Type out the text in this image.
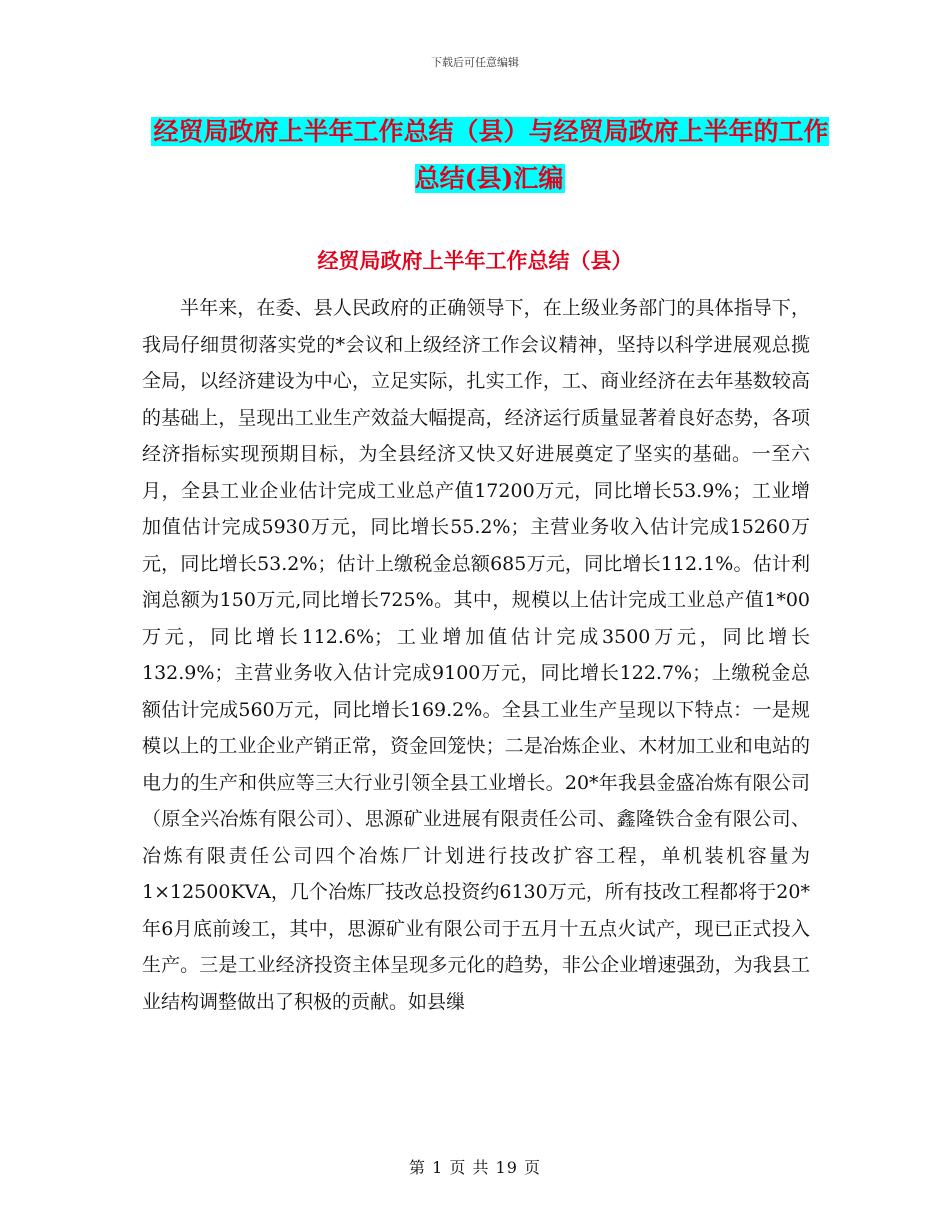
下载后可任意编辑
经贸局政府上半年工作总结（县）与经贸局政府上半年的工作总结(县)汇编
经贸局政府上半年工作总结（县）

半年来，在委、县人民政府的正确领导下，在上级业务部门的具体指导下，我局仔细贯彻落实党的*会议和上级经济工作会议精神，坚持以科学进展观总揽全局，以经济建设为中心，立足实际，扎实工作，工、商业经济在去年基数较高的基础上，呈现出工业生产效益大幅提高，经济运行质量显著着良好态势，各项经济指标实现预期目标，为全县经济又快又好进展奠定了坚实的基础。一至六月，全县工业企业估计完成工业总产值17200万元，同比增长53.9%；工业增加值估计完成5930万元，同比增长55.2%；主营业务收入估计完成15260万元，同比增长53.2%；估计上缴税金总额685万元，同比增长112.1%。估计利润总额为150万元,同比增长725%。其中，规模以上估计完成工业总产值1*00万元，同比增长112.6%；工业增加值估计完成3500万元，同比增长132.9%；主营业务收入估计完成9100万元，同比增长122.7%；上缴税金总额估计完成560万元，同比增长169.2%。全县工业生产呈现以下特点：一是规模以上的工业企业产销正常，资金回笼快；二是冶炼企业、木材加工业和电站的电力的生产和供应等三大行业引领全县工业增长。20*年我县金盛冶炼有限公司（原全兴冶炼有限公司）、思源矿业进展有限责任公司、鑫隆铁合金有限公司、冶炼有限责任公司四个冶炼厂计划进行技改扩容工程，单机装机容量为1×12500KVA，几个冶炼厂技改总投资约6130万元，所有技改工程都将于20*年6月底前竣工，其中，思源矿业有限公司于五月十五点火试产，现已正式投入生产。三是工业经济投资主体呈现多元化的趋势，非公企业增速强劲，为我县工业结构调整做出了积极的贡献。如县缫

第 1 页 共 19 页
